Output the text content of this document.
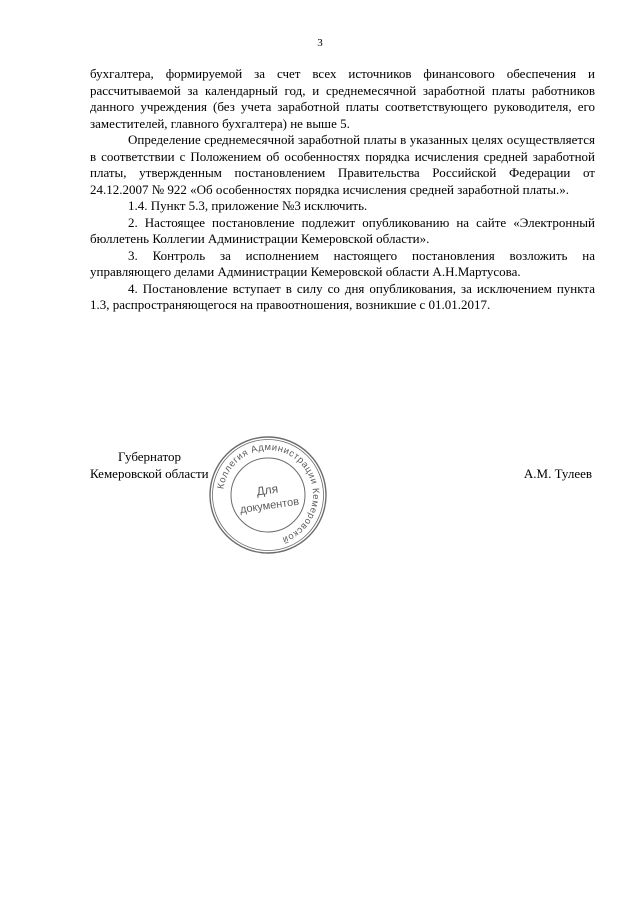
3

бухгалтера, формируемой за счет всех источников финансового обеспечения и рассчитываемой за календарный год, и среднемесячной заработной платы работников данного учреждения (без учета заработной платы соответствующего руководителя, его заместителей, главного бухгалтера) не выше 5.

Определение среднемесячной заработной платы в указанных целях осуществляется в соответствии с Положением об особенностях порядка исчисления средней заработной платы, утвержденным постановлением Правительства Российской Федерации от 24.12.2007 № 922 «Об особенностях порядка исчисления средней заработной платы.».

1.4. Пункт 5.3, приложение №3 исключить.

2. Настоящее постановление подлежит опубликованию на сайте «Электронный бюллетень Коллегии Администрации Кемеровской области».

3. Контроль за исполнением настоящего постановления возложить на управляющего делами Администрации Кемеровской области А.Н.Мартусова.

4. Постановление вступает в силу со дня опубликования, за исключением пункта 1.3, распространяющегося на правоотношения, возникшие с 01.01.2017.

Губернатор
Кемеровской области	А.М. Тулеев
Коллегия Администрации Кемеровской
Для
документов
